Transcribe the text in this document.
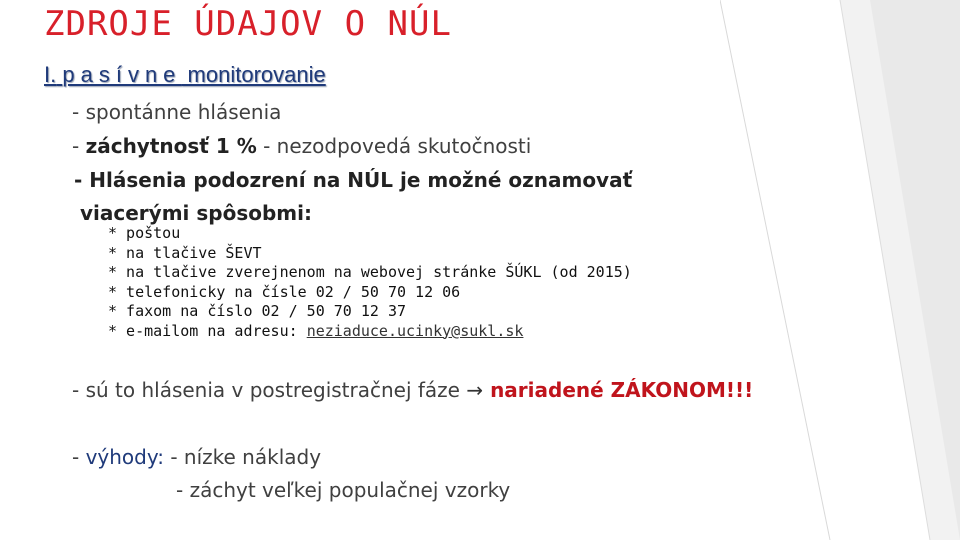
ZDROJE ÚDAJOV O NÚL
I. pasívne monitorovanie
- spontánne hlásenia
- záchytnosť 1 % - nezodpovedá skutočnosti
- Hlásenia podozrení na NÚL je možné oznamovať
viacerými spôsobmi:
* poštou
* na tlačive ŠEVT
* na tlačive zverejnenom na webovej stránke ŠÚKL (od 2015)
* telefonicky na čísle 02 / 50 70 12 06
* faxom na číslo 02 / 50 70 12 37
* e-mailom na adresu: neziaduce.ucinky@sukl.sk
- sú to hlásenia v postregistračnej fáze → nariadené ZÁKONOM!!!
- výhody: - nízke náklady
- záchyt veľkej populačnej vzorky
